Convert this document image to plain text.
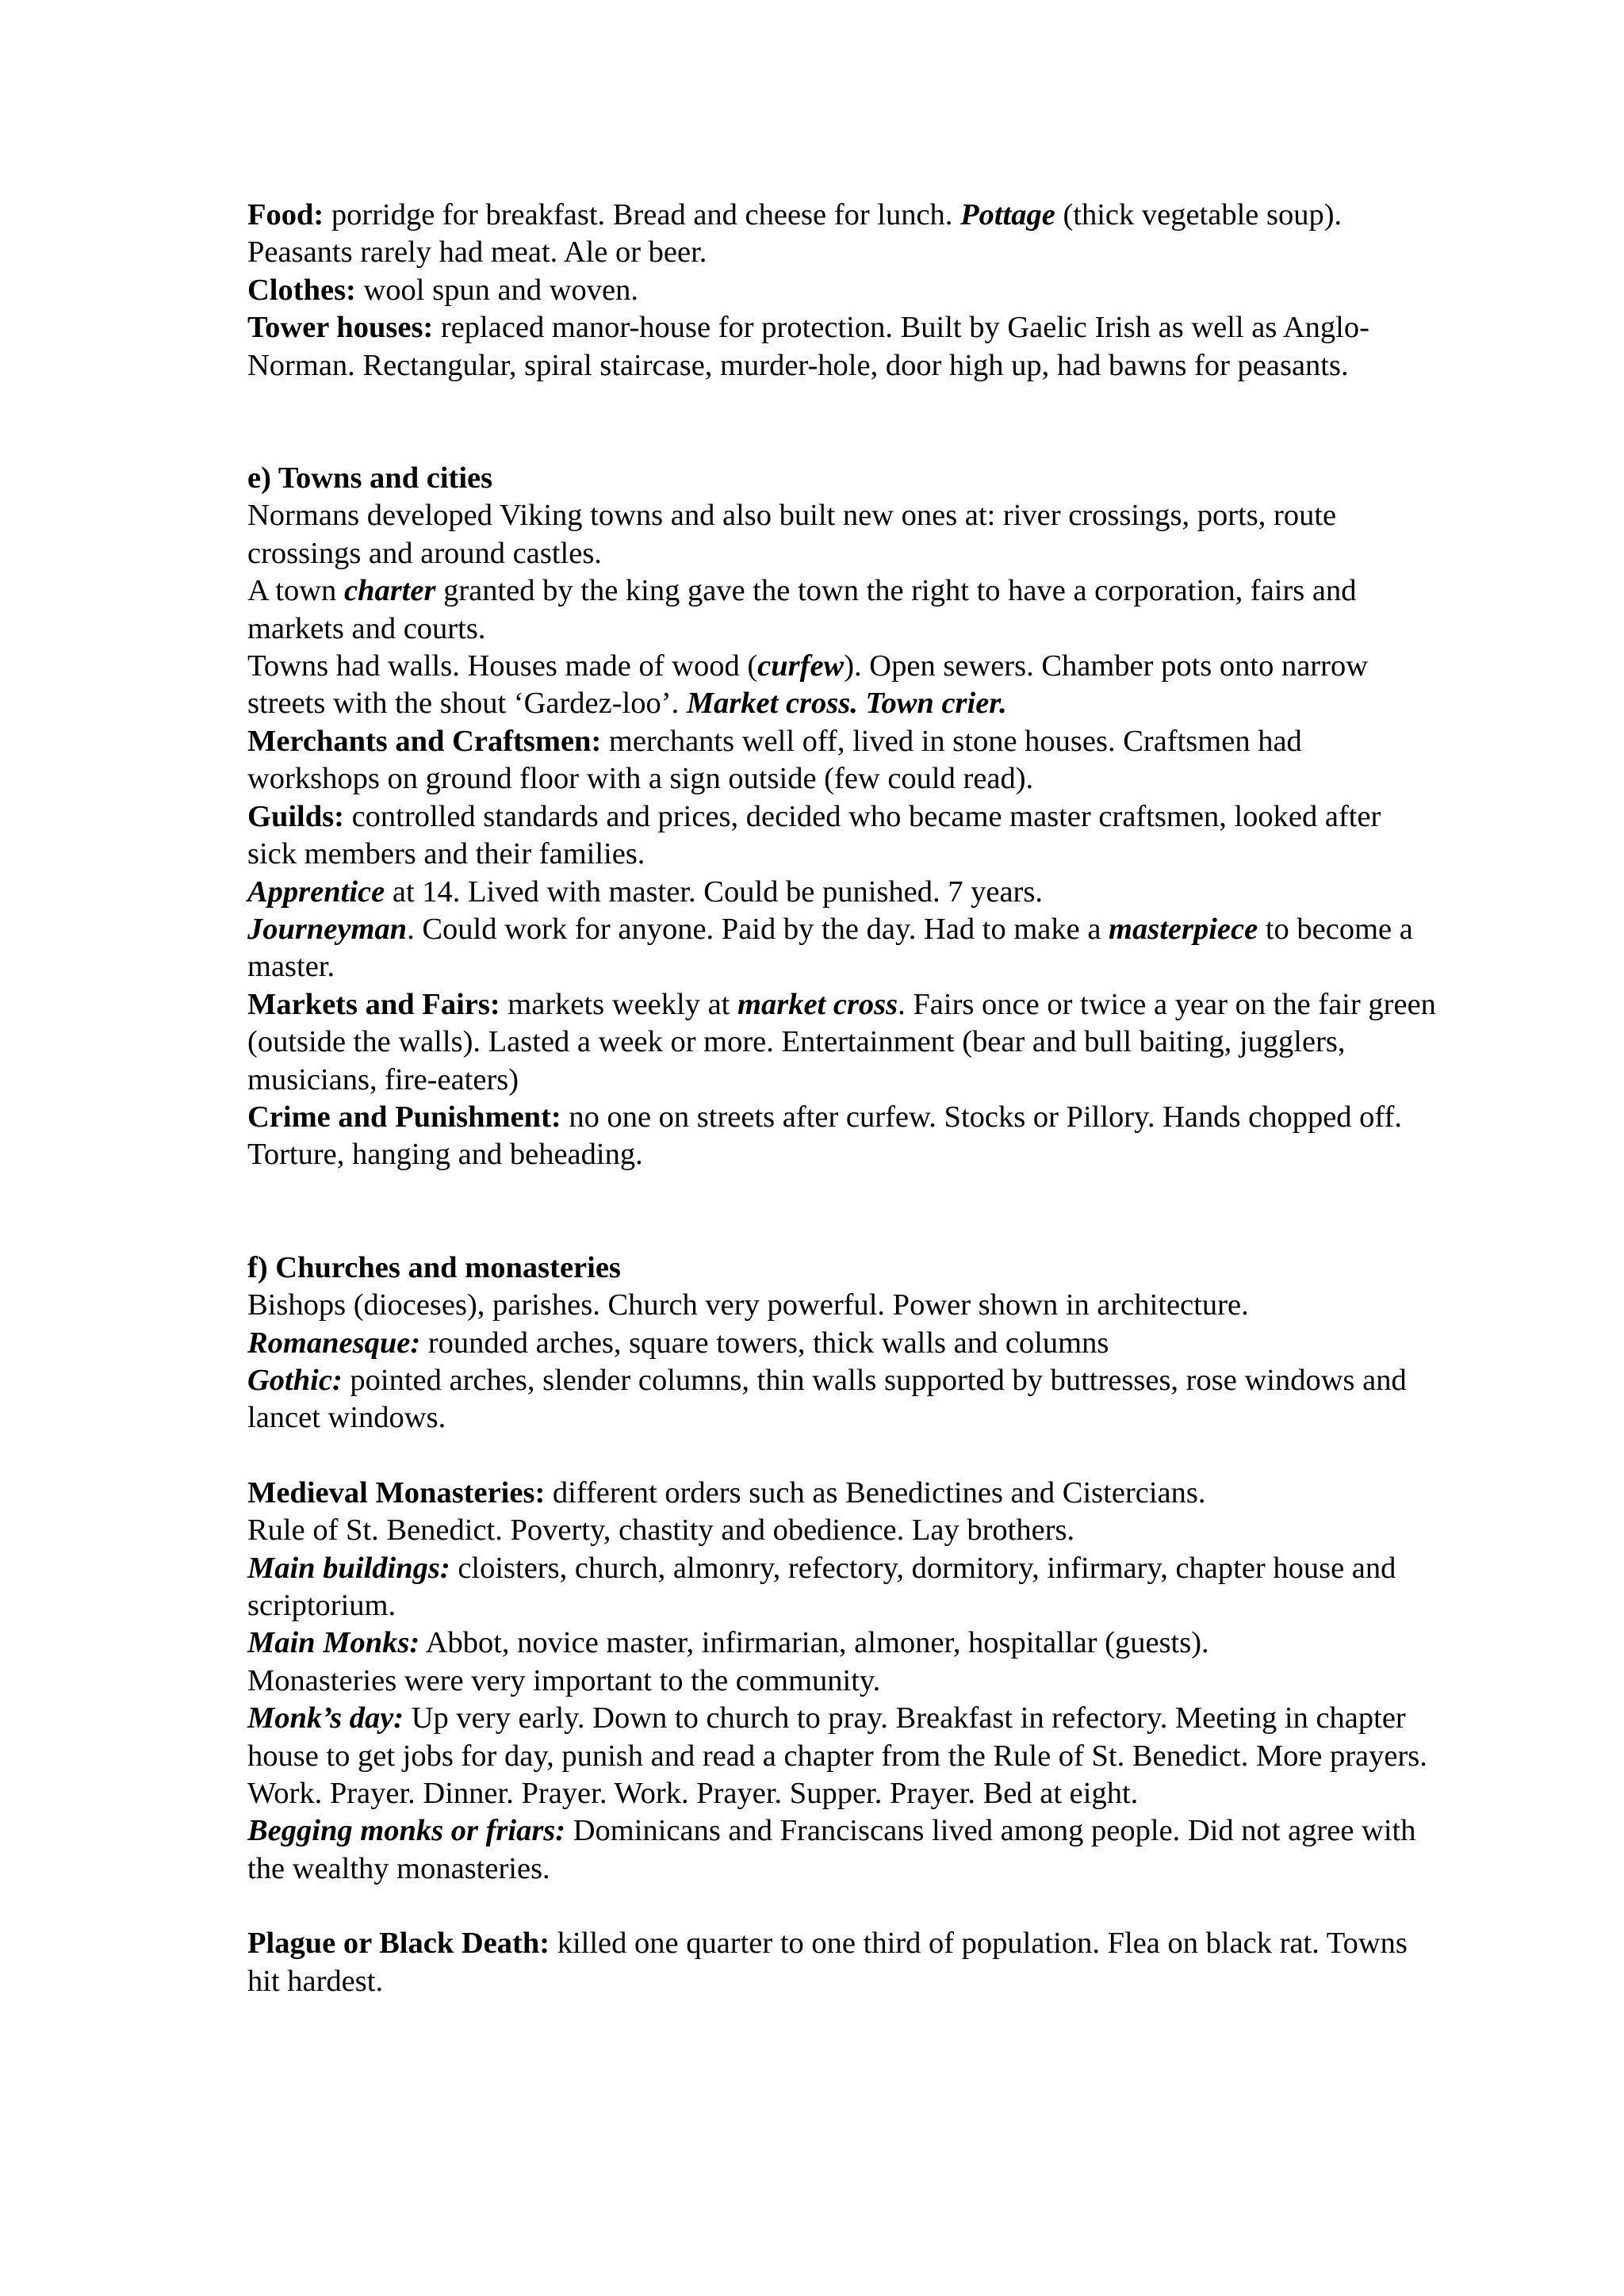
Food: porridge for breakfast. Bread and cheese for lunch. Pottage (thick vegetable soup). Peasants rarely had meat. Ale or beer.

Clothes: wool spun and woven.

Tower houses: replaced manor-house for protection. Built by Gaelic Irish as well as Anglo-Norman. Rectangular, spiral staircase, murder-hole, door high up, had bawns for peasants.

e) Towns and cities

Normans developed Viking towns and also built new ones at: river crossings, ports, route crossings and around castles.

A town charter granted by the king gave the town the right to have a corporation, fairs and markets and courts.

Towns had walls. Houses made of wood (curfew). Open sewers. Chamber pots onto narrow streets with the shout ‘Gardez-loo’. Market cross. Town crier.

Merchants and Craftsmen: merchants well off, lived in stone houses. Craftsmen had workshops on ground floor with a sign outside (few could read).

Guilds: controlled standards and prices, decided who became master craftsmen, looked after sick members and their families.

Apprentice at 14. Lived with master. Could be punished. 7 years.

Journeyman. Could work for anyone. Paid by the day. Had to make a masterpiece to become a master.

Markets and Fairs: markets weekly at market cross. Fairs once or twice a year on the fair green (outside the walls). Lasted a week or more. Entertainment (bear and bull baiting, jugglers, musicians, fire-eaters)

Crime and Punishment: no one on streets after curfew. Stocks or Pillory. Hands chopped off. Torture, hanging and beheading.

f) Churches and monasteries

Bishops (dioceses), parishes. Church very powerful. Power shown in architecture.

Romanesque: rounded arches, square towers, thick walls and columns

Gothic: pointed arches, slender columns, thin walls supported by buttresses, rose windows and lancet windows.

Medieval Monasteries: different orders such as Benedictines and Cistercians.

Rule of St. Benedict. Poverty, chastity and obedience. Lay brothers.

Main buildings: cloisters, church, almonry, refectory, dormitory, infirmary, chapter house and scriptorium.

Main Monks: Abbot, novice master, infirmarian, almoner, hospitallar (guests).

Monasteries were very important to the community.

Monk’s day: Up very early. Down to church to pray. Breakfast in refectory. Meeting in chapter house to get jobs for day, punish and read a chapter from the Rule of St. Benedict. More prayers. Work. Prayer. Dinner. Prayer. Work. Prayer. Supper. Prayer. Bed at eight.

Begging monks or friars: Dominicans and Franciscans lived among people. Did not agree with the wealthy monasteries.

Plague or Black Death: killed one quarter to one third of population. Flea on black rat. Towns hit hardest.
